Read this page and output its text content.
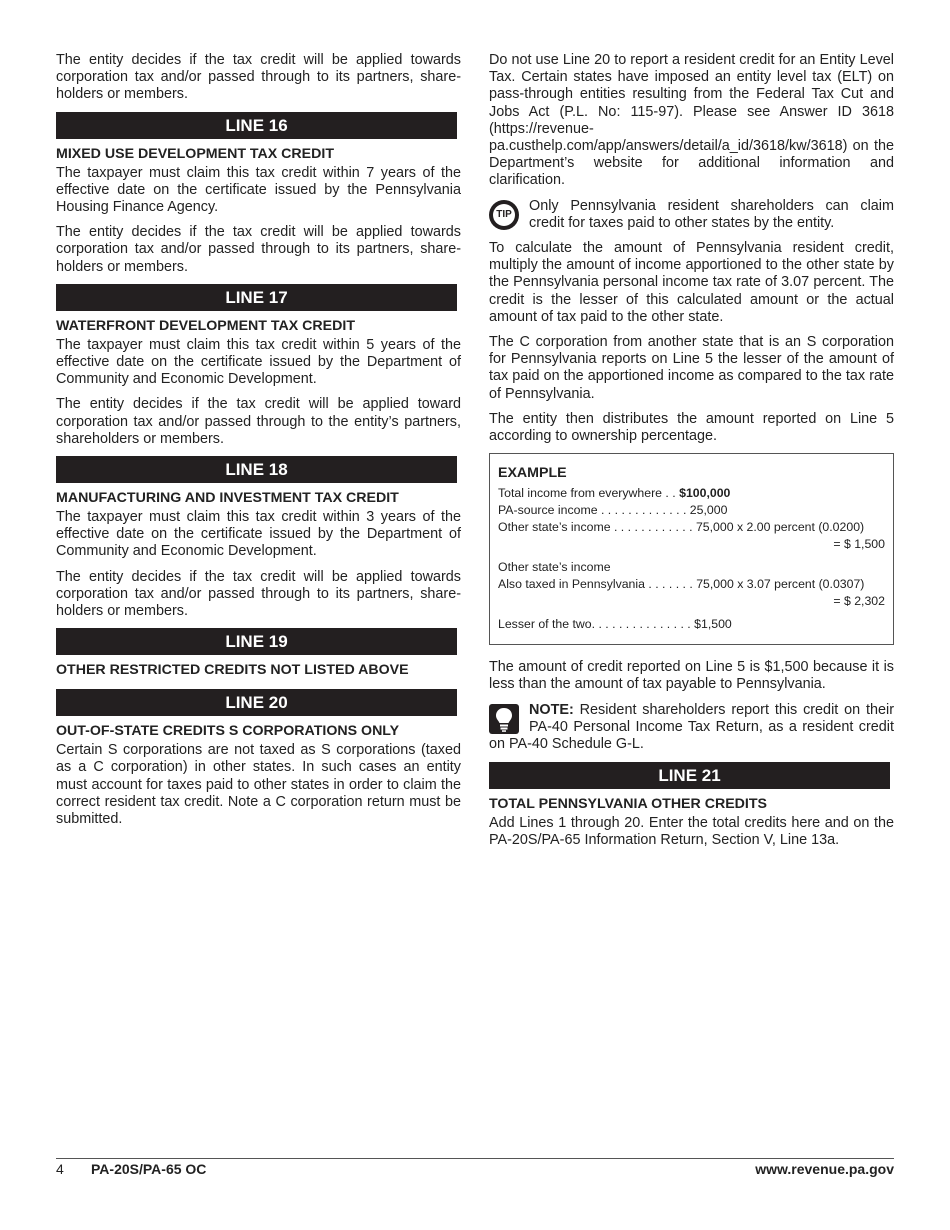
The entity decides if the tax credit will be applied towards corporation tax and/or passed through to its partners, shareholders or members.

LINE 16
MIXED USE DEVELOPMENT TAX CREDIT

The taxpayer must claim this tax credit within 7 years of the effective date on the certificate issued by the Pennsylvania Housing Finance Agency.

The entity decides if the tax credit will be applied towards corporation tax and/or passed through to its partners, shareholders or members.

LINE 17
WATERFRONT DEVELOPMENT TAX CREDIT

The taxpayer must claim this tax credit within 5 years of the effective date on the certificate issued by the Department of Community and Economic Development.

The entity decides if the tax credit will be applied toward corporation tax and/or passed through to the entity’s partners, shareholders or members.

LINE 18
MANUFACTURING AND INVESTMENT TAX CREDIT

The taxpayer must claim this tax credit within 3 years of the effective date on the certificate issued by the Department of Community and Economic Development.

The entity decides if the tax credit will be applied towards corporation tax and/or passed through to its partners, shareholders or members.

LINE 19
OTHER RESTRICTED CREDITS NOT LISTED ABOVE
LINE 20
OUT-OF-STATE CREDITS S CORPORATIONS ONLY

Certain S corporations are not taxed as S corporations (taxed as a C corporation) in other states. In such cases an entity must account for taxes paid to other states in order to claim the correct resident tax credit. Note a C corporation return must be submitted.

Do not use Line 20 to report a resident credit for an Entity Level Tax. Certain states have imposed an entity level tax (ELT) on pass-through entities resulting from the Federal Tax Cut and Jobs Act (P.L. No: 115-97). Please see Answer ID 3618 (https://revenue-pa.custhelp.com/app/answers/detail/a_id/3618/kw/3618) on the Department’s website for additional information and clarification.

TIP
Only Pennsylvania resident shareholders can claim credit for taxes paid to other states by the entity.

To calculate the amount of Pennsylvania resident credit, multiply the amount of income apportioned to the other state by the Pennsylvania personal income tax rate of 3.07 percent. The credit is the lesser of this calculated amount or the actual amount of tax paid to the other state.

The C corporation from another state that is an S corporation for Pennsylvania reports on Line 5 the lesser of the amount of tax paid on the apportioned income as compared to the tax rate of Pennsylvania.

The entity then distributes the amount reported on Line 5 according to ownership percentage.

EXAMPLE
Total income from everywhere . . $100,000
PA-source income . . . . . . . . . . . . . 25,000
Other state’s income . . . . . . . . . . . . 75,000 x 2.00 percent (0.0200)
= $ 1,500
Other state’s income
Also taxed in Pennsylvania . . . . . . . 75,000 x 3.07 percent (0.0307)
= $ 2,302
Lesser of the two. . . . . . . . . . . . . . . $1,500

The amount of credit reported on Line 5 is $1,500 because it is less than the amount of tax payable to Pennsylvania.

NOTE: Resident shareholders report this credit on their PA-40 Personal Income Tax Return, as a resident credit on PA-40 Schedule G-L.
LINE 21
TOTAL PENNSYLVANIA OTHER CREDITS

Add Lines 1 through 20. Enter the total credits here and on the PA-20S/PA-65 Information Return, Section V, Line 13a.

4 PA-20S/PA-65 OC	www.revenue.pa.gov
